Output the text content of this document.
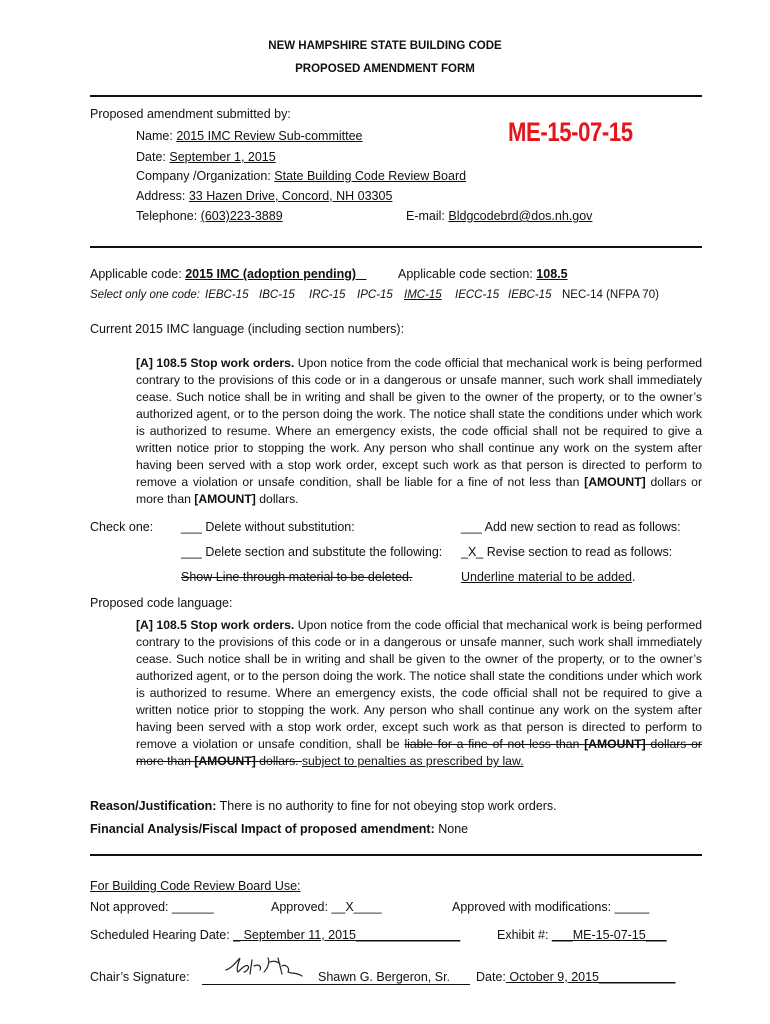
NEW HAMPSHIRE STATE BUILDING CODE
PROPOSED AMENDMENT FORM
Proposed amendment submitted by:
Name: 2015 IMC Review Sub-committee
Date: September 1, 2015
Company /Organization: State Building Code Review Board
Address: 33 Hazen Drive, Concord, NH 03305
Telephone: (603)223-3889	E-mail: Bldgcodebrd@dos.nh.gov
ME-15-07-15
Applicable code: 2015 IMC (adoption pending)	Applicable code section: 108.5
Select only one code: IEBC-15 IBC-15 IRC-15 IPC-15 IMC-15 IECC-15 IEBC-15 NEC-14 (NFPA 70)
Current 2015 IMC language (including section numbers):
[A] 108.5 Stop work orders. Upon notice from the code official that mechanical work is being performed contrary to the provisions of this code or in a dangerous or unsafe manner, such work shall immediately cease. Such notice shall be in writing and shall be given to the owner of the property, or to the owner’s authorized agent, or to the person doing the work. The notice shall state the conditions under which work is authorized to resume. Where an emergency exists, the code official shall not be required to give a written notice prior to stopping the work. Any person who shall continue any work on the system after having been served with a stop work order, except such work as that person is directed to perform to remove a violation or unsafe condition, shall be liable for a fine of not less than [AMOUNT] dollars or more than [AMOUNT] dollars.
Check one: ___ Delete without substitution:	___ Add new section to read as follows:
___ Delete section and substitute the following: _X_ Revise section to read as follows:
Show Line through material to be deleted.	Underline material to be added.
Proposed code language:
[A] 108.5 Stop work orders. Upon notice from the code official that mechanical work is being performed contrary to the provisions of this code or in a dangerous or unsafe manner, such work shall immediately cease. Such notice shall be in writing and shall be given to the owner of the property, or to the owner’s authorized agent, or to the person doing the work. The notice shall state the conditions under which work is authorized to resume. Where an emergency exists, the code official shall not be required to give a written notice prior to stopping the work. Any person who shall continue any work on the system after having been served with a stop work order, except such work as that person is directed to perform to remove a violation or unsafe condition, shall be liable for a fine of not less than [AMOUNT] dollars or more than [AMOUNT] dollars. subject to penalties as prescribed by law.
Reason/Justification: There is no authority to fine for not obeying stop work orders.
Financial Analysis/Fiscal Impact of proposed amendment: None
For Building Code Review Board Use:
Not approved: ______	Approved: __X____	Approved with modifications: _____
Scheduled Hearing Date: _ September 11, 2015_______________	Exhibit #: ___ME-15-07-15___
Chair’s Signature:	Shawn G. Bergeron, Sr. Date: October 9, 2015___________
